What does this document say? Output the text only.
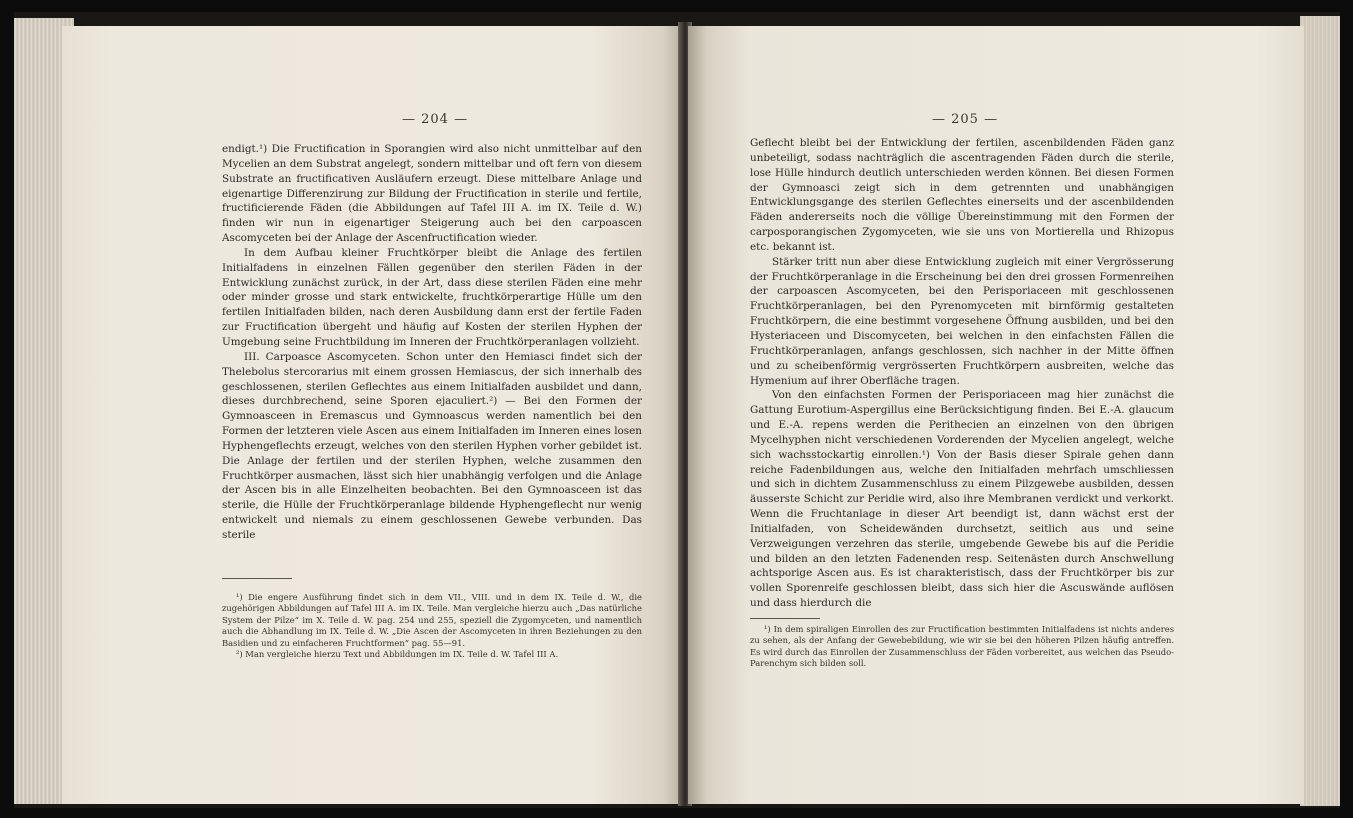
— 204 —

endigt.¹) Die Fructification in Sporangien wird also nicht unmittelbar auf den Mycelien an dem Substrat angelegt, sondern mittelbar und oft fern von diesem Substrate an fructificativen Ausläufern erzeugt. Diese mittelbare Anlage und eigenartige Differenzirung zur Bildung der Fructification in sterile und fertile, fructificierende Fäden (die Abbildungen auf Tafel III A. im IX. Teile d. W.) finden wir nun in eigenartiger Steigerung auch bei den carpoascen Ascomyceten bei der Anlage der Ascenfructification wieder.

In dem Aufbau kleiner Fruchtkörper bleibt die Anlage des fertilen Initialfadens in einzelnen Fällen gegenüber den sterilen Fäden in der Entwicklung zunächst zurück, in der Art, dass diese sterilen Fäden eine mehr oder minder grosse und stark entwickelte, fruchtkörperartige Hülle um den fertilen Initialfaden bilden, nach deren Ausbildung dann erst der fertile Faden zur Fructification übergeht und häufig auf Kosten der sterilen Hyphen der Umgebung seine Fruchtbildung im Inneren der Fruchtkörperanlagen vollzieht.

III. Carpoasce Ascomyceten. Schon unter den Hemiasci findet sich der Thelebolus stercorarius mit einem grossen Hemiascus, der sich innerhalb des geschlossenen, sterilen Geflechtes aus einem Initialfaden ausbildet und dann, dieses durchbrechend, seine Sporen ejaculiert.²) — Bei den Formen der Gymnoasceen in Eremascus und Gymnoascus werden namentlich bei den Formen der letzteren viele Ascen aus einem Initialfaden im Inneren eines losen Hyphengeflechts erzeugt, welches von den sterilen Hyphen vorher gebildet ist. Die Anlage der fertilen und der sterilen Hyphen, welche zusammen den Fruchtkörper ausmachen, lässt sich hier unabhängig verfolgen und die Anlage der Ascen bis in alle Einzelheiten beobachten. Bei den Gymnoasceen ist das sterile, die Hülle der Fruchtkörperanlage bildende Hyphengeflecht nur wenig entwickelt und niemals zu einem geschlossenen Gewebe verbunden. Das sterile

¹) Die engere Ausführung findet sich in dem VII., VIII. und in dem IX. Teile d. W., die zugehörigen Abbildungen auf Tafel III A. im IX. Teile. Man vergleiche hierzu auch „Das natürliche System der Pilze“ im X. Teile d. W. pag. 254 und 255, speziell die Zygomyceten, und namentlich auch die Abhandlung im IX. Teile d. W. „Die Ascen der Ascomyceten in ihren Beziehungen zu den Basidien und zu einfacheren Fruchtformen“ pag. 55—91.

²) Man vergleiche hierzu Text und Abbildungen im IX. Teile d. W. Tafel III A.

— 205 —

Geflecht bleibt bei der Entwicklung der fertilen, ascenbildenden Fäden ganz unbeteiligt, sodass nachträglich die ascentragenden Fäden durch die sterile, lose Hülle hindurch deutlich unterschieden werden können. Bei diesen Formen der Gymnoasci zeigt sich in dem getrennten und unabhängigen Entwicklungsgange des sterilen Geflechtes einerseits und der ascenbildenden Fäden andererseits noch die völlige Übereinstimmung mit den Formen der carposporangischen Zygomyceten, wie sie uns von Mortierella und Rhizopus etc. bekannt ist.

Stärker tritt nun aber diese Entwicklung zugleich mit einer Vergrösserung der Fruchtkörperanlage in die Erscheinung bei den drei grossen Formenreihen der carpoascen Ascomyceten, bei den Perisporiaceen mit geschlossenen Fruchtkörperanlagen, bei den Pyrenomyceten mit birnförmig gestalteten Fruchtkörpern, die eine bestimmt vorgesehene Öffnung ausbilden, und bei den Hysteriaceen und Discomyceten, bei welchen in den einfachsten Fällen die Fruchtkörperanlagen, anfangs geschlossen, sich nachher in der Mitte öffnen und zu scheibenförmig vergrösserten Fruchtkörpern ausbreiten, welche das Hymenium auf ihrer Oberfläche tragen.

Von den einfachsten Formen der Perisporiaceen mag hier zunächst die Gattung Eurotium-Aspergillus eine Berücksichtigung finden. Bei E.-A. glaucum und E.-A. repens werden die Perithecien an einzelnen von den übrigen Mycelhyphen nicht verschiedenen Vorderenden der Mycelien angelegt, welche sich wachsstockartig einrollen.¹) Von der Basis dieser Spirale gehen dann reiche Fadenbildungen aus, welche den Initialfaden mehrfach umschliessen und sich in dichtem Zusammenschluss zu einem Pilzgewebe ausbilden, dessen äusserste Schicht zur Peridie wird, also ihre Membranen verdickt und verkorkt. Wenn die Fruchtanlage in dieser Art beendigt ist, dann wächst erst der Initialfaden, von Scheidewänden durchsetzt, seitlich aus und seine Verzweigungen verzehren das sterile, umgebende Gewebe bis auf die Peridie und bilden an den letzten Fadenenden resp. Seitenästen durch Anschwellung achtsporige Ascen aus. Es ist charakteristisch, dass der Fruchtkörper bis zur vollen Sporenreife geschlossen bleibt, dass sich hier die Ascuswände auflösen und dass hierdurch die

¹) In dem spiraligen Einrollen des zur Fructification bestimmten Initialfadens ist nichts anderes zu sehen, als der Anfang der Gewebebildung, wie wir sie bei den höheren Pilzen häufig antreffen. Es wird durch das Einrollen der Zusammenschluss der Fäden vorbereitet, aus welchen das Pseudo-Parenchym sich bilden soll.
